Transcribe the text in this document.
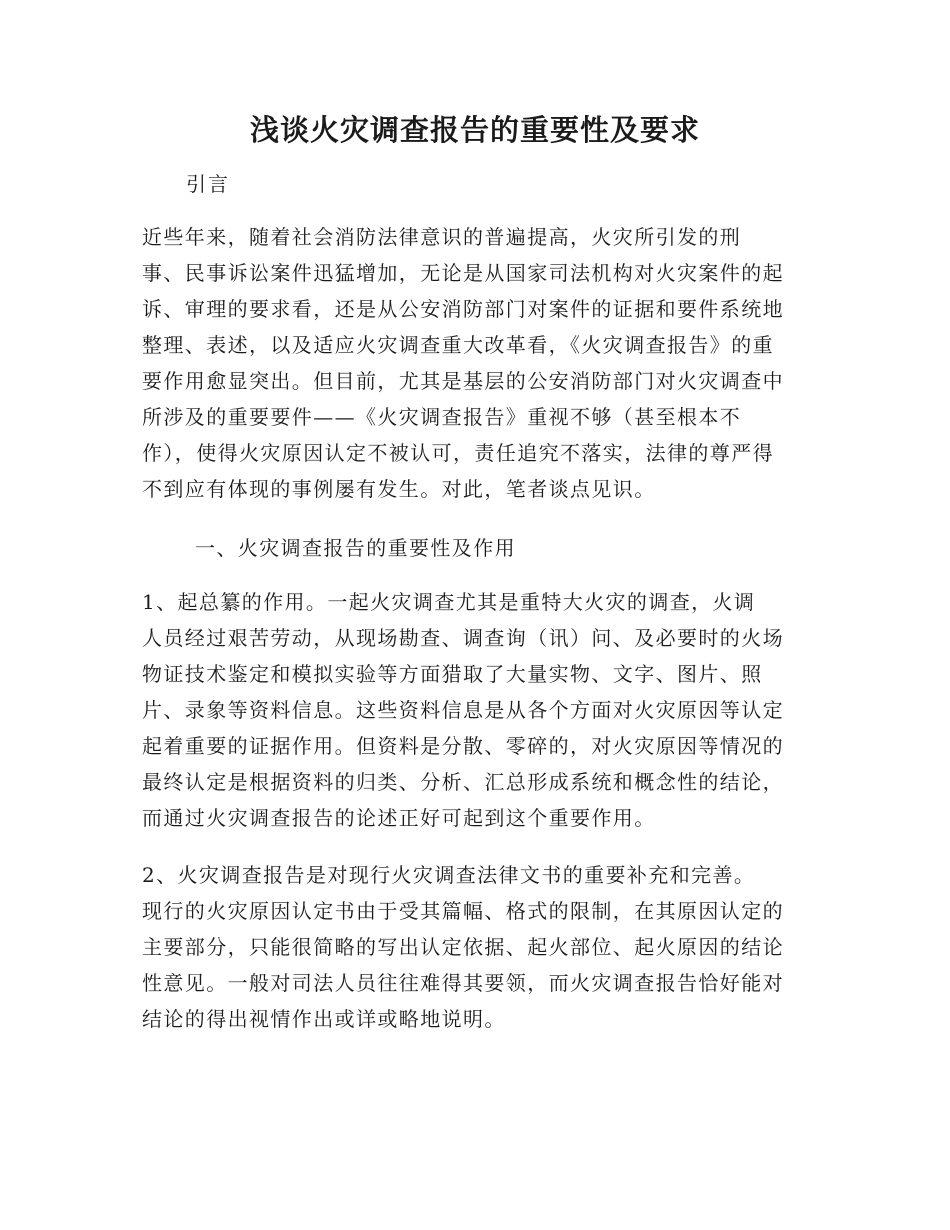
浅谈火灾调查报告的重要性及要求
引言
近些年来，随着社会消防法律意识的普遍提高，火灾所引发的刑
事、民事诉讼案件迅猛增加，无论是从国家司法机构对火灾案件的起
诉、审理的要求看，还是从公安消防部门对案件的证据和要件系统地
整理、表述，以及适应火灾调查重大改革看，《火灾调查报告》的重
要作用愈显突出。但目前，尤其是基层的公安消防部门对火灾调查中
所涉及的重要要件——《火灾调查报告》重视不够（甚至根本不
作），使得火灾原因认定不被认可，责任追究不落实，法律的尊严得
不到应有体现的事例屡有发生。对此，笔者谈点见识。
一、火灾调查报告的重要性及作用
1、起总纂的作用。一起火灾调查尤其是重特大火灾的调查，火调
人员经过艰苦劳动，从现场勘查、调查询（讯）问、及必要时的火场
物证技术鉴定和模拟实验等方面猎取了大量实物、文字、图片、照
片、录象等资料信息。这些资料信息是从各个方面对火灾原因等认定
起着重要的证据作用。但资料是分散、零碎的，对火灾原因等情况的
最终认定是根据资料的归类、分析、汇总形成系统和概念性的结论，
而通过火灾调查报告的论述正好可起到这个重要作用。
2、火灾调查报告是对现行火灾调查法律文书的重要补充和完善。
现行的火灾原因认定书由于受其篇幅、格式的限制，在其原因认定的
主要部分，只能很简略的写出认定依据、起火部位、起火原因的结论
性意见。一般对司法人员往往难得其要领，而火灾调查报告恰好能对
结论的得出视情作出或详或略地说明。
